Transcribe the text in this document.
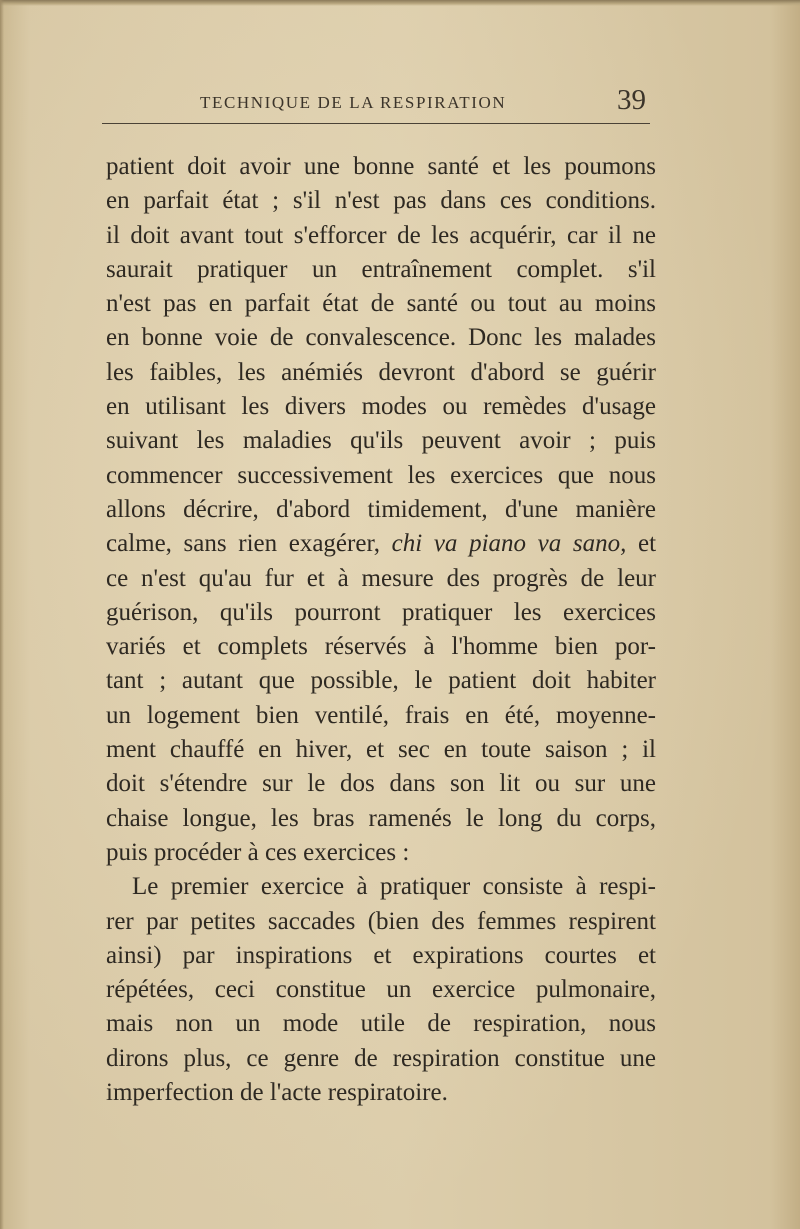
TECHNIQUE DE LA RESPIRATION	39
patient doit avoir une bonne santé et les poumons
en parfait état ; s'il n'est pas dans ces conditions.
il doit avant tout s'efforcer de les acquérir, car il ne
saurait pratiquer un entraînement complet. s'il
n'est pas en parfait état de santé ou tout au moins
en bonne voie de convalescence. Donc les malades
les faibles, les anémiés devront d'abord se guérir
en utilisant les divers modes ou remèdes d'usage
suivant les maladies qu'ils peuvent avoir ; puis
commencer successivement les exercices que nous
allons décrire, d'abord timidement, d'une manière
calme, sans rien exagérer, chi va piano va sano, et
ce n'est qu'au fur et à mesure des progrès de leur
guérison, qu'ils pourront pratiquer les exercices
variés et complets réservés à l'homme bien por-
tant ; autant que possible, le patient doit habiter
un logement bien ventilé, frais en été, moyenne-
ment chauffé en hiver, et sec en toute saison ; il
doit s'étendre sur le dos dans son lit ou sur une
chaise longue, les bras ramenés le long du corps,
puis procéder à ces exercices :
Le premier exercice à pratiquer consiste à respi-
rer par petites saccades (bien des femmes respirent
ainsi) par inspirations et expirations courtes et
répétées, ceci constitue un exercice pulmonaire,
mais non un mode utile de respiration, nous
dirons plus, ce genre de respiration constitue une
imperfection de l'acte respiratoire.
